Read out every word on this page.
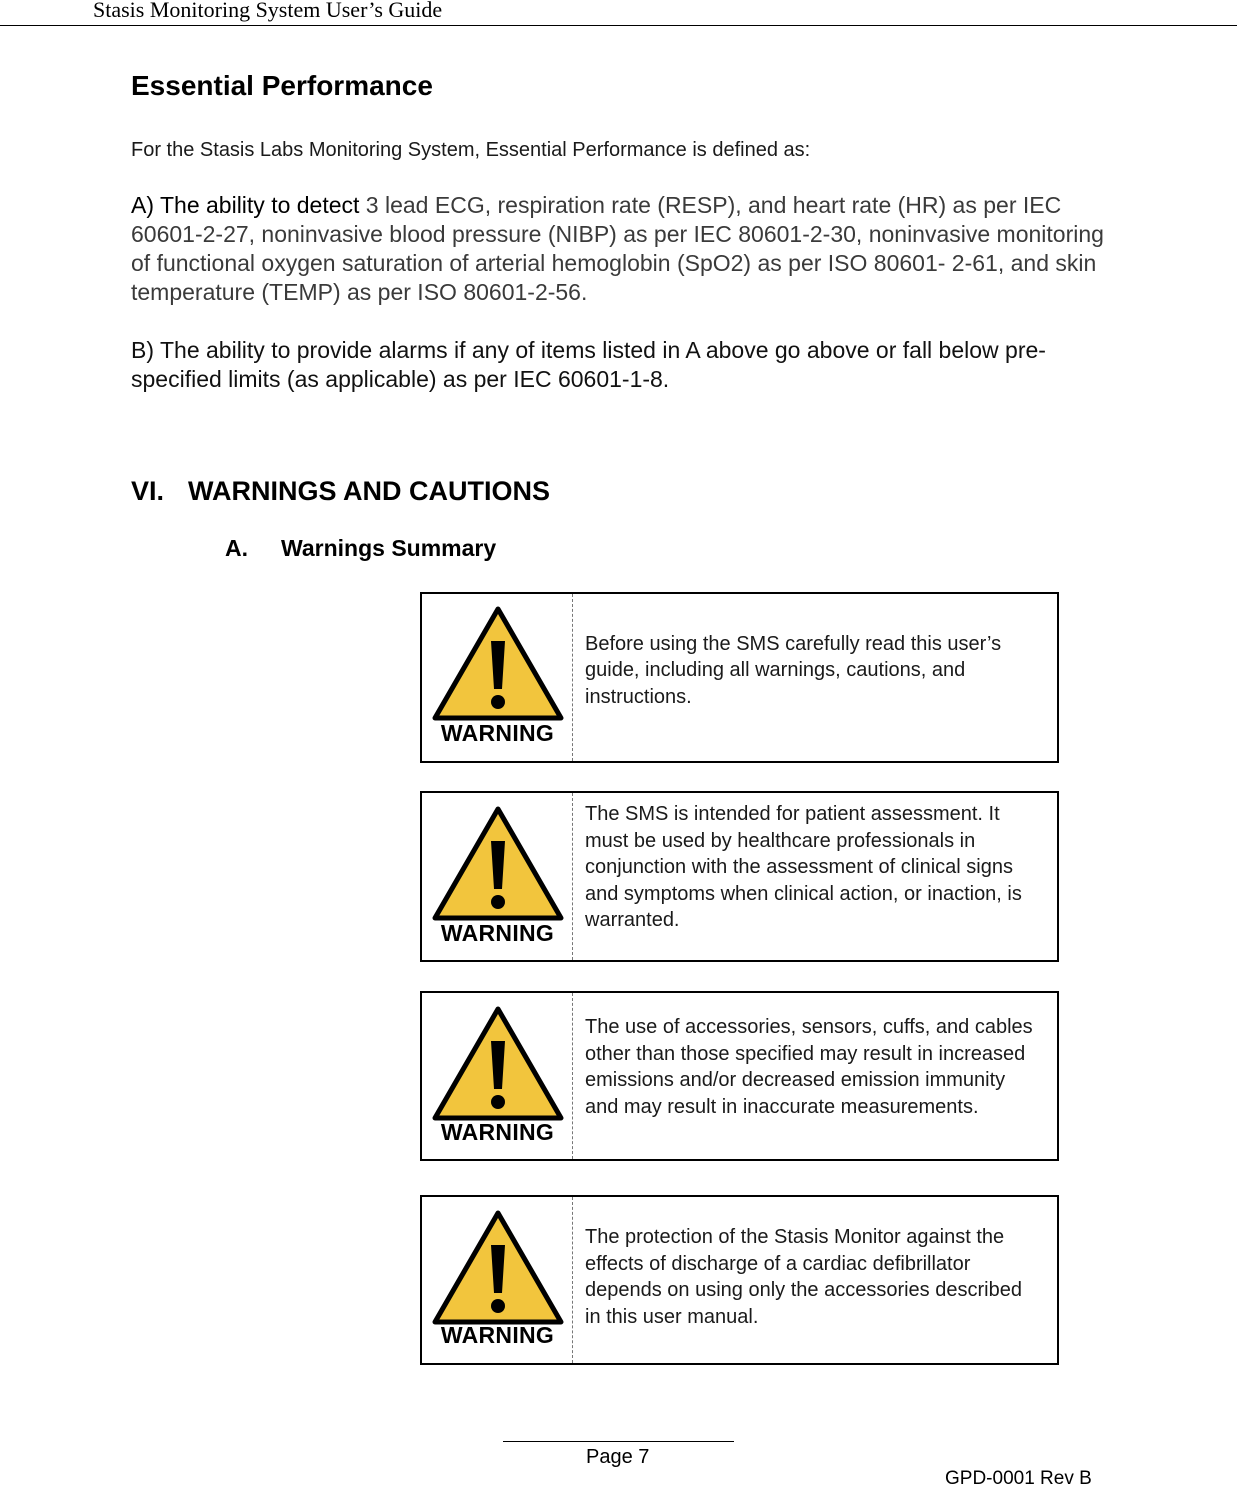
Stasis Monitoring System User’s Guide
Essential Performance
For the Stasis Labs Monitoring System, Essential Performance is defined as:
A) The ability to detect 3 lead ECG, respiration rate (RESP), and heart rate (HR) as per IEC 60601-2-27, noninvasive blood pressure (NIBP) as per IEC 80601-2-30, noninvasive monitoring of functional oxygen saturation of arterial hemoglobin (SpO2) as per ISO 80601- 2-61, and skin temperature (TEMP) as per ISO 80601-2-56.
B) The ability to provide alarms if any of items listed in A above go above or fall below pre-specified limits (as applicable) as per IEC 60601-1-8.
VI. WARNINGS AND CAUTIONS
A. Warnings Summary
WARNING
Before using the SMS carefully read this user’s guide, including all warnings, cautions, and instructions.
WARNING
The SMS is intended for patient assessment. It must be used by healthcare professionals in conjunction with the assessment of clinical signs and symptoms when clinical action, or inaction, is warranted.
WARNING
The use of accessories, sensors, cuffs, and cables other than those specified may result in increased emissions and/or decreased emission immunity and may result in inaccurate measurements.
WARNING
The protection of the Stasis Monitor against the effects of discharge of a cardiac defibrillator depends on using only the accessories described in this user manual.
Page 7
GPD-0001 Rev B
